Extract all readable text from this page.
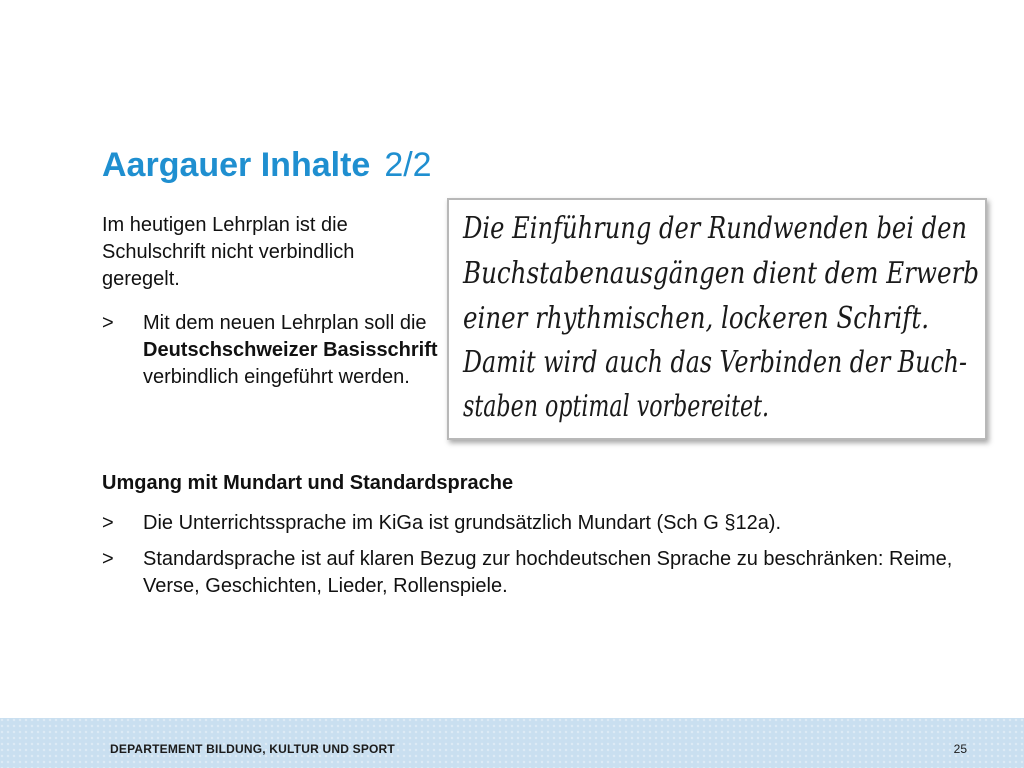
Aargauer Inhalte 2/2

Im heutigen Lehrplan ist die Schulschrift nicht verbindlich geregelt.

> Mit dem neuen Lehrplan soll die Deutschschweizer Basisschrift verbindlich eingeführt werden.
Die Einführung der Rundwenden bei den
Buchstabenausgängen dient dem Erwerb
einer rhythmischen, lockeren Schrift.
Damit wird auch das Verbinden der Buch-
staben optimal vorbereitet.
Umgang mit Mundart und Standardsprache
> Die Unterrichtssprache im KiGa ist grundsätzlich Mundart (Sch G §12a).
> Standardsprache ist auf klaren Bezug zur hochdeutschen Sprache zu beschränken: Reime, Verse, Geschichten, Lieder, Rollenspiele.
DEPARTEMENT BILDUNG, KULTUR UND SPORT	25
